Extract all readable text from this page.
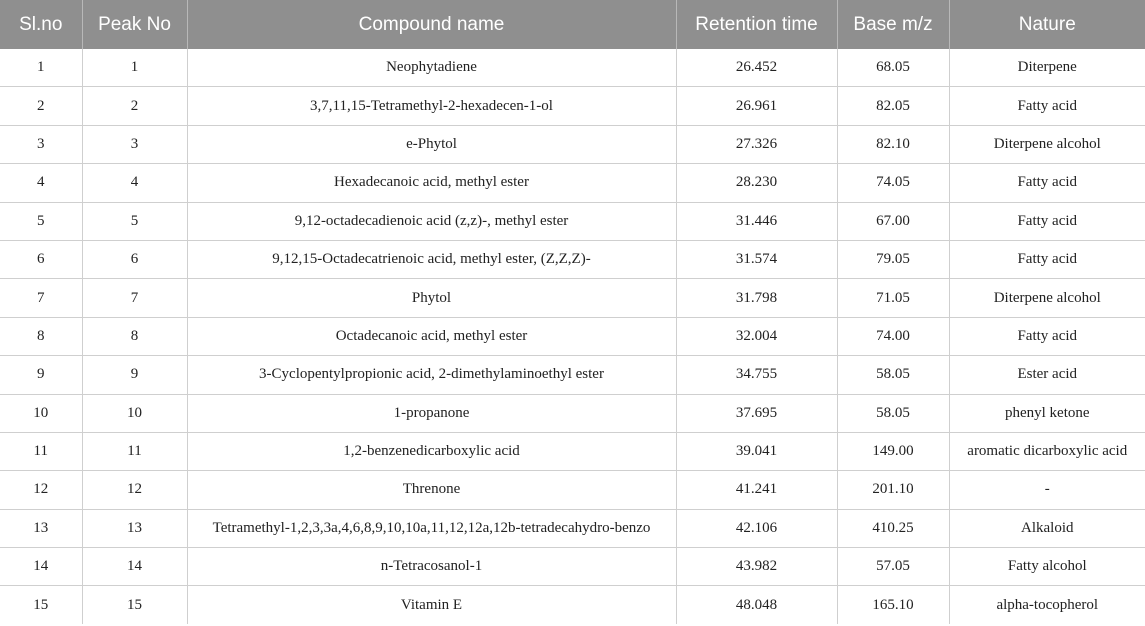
Sl.no	Peak No	Compound name	Retention time	Base m/z	Nature
1	1	Neophytadiene	26.452	68.05	Diterpene
2	2	3,7,11,15-Tetramethyl-2-hexadecen-1-ol	26.961	82.05	Fatty acid
3	3	e-Phytol	27.326	82.10	Diterpene alcohol
4	4	Hexadecanoic acid, methyl ester	28.230	74.05	Fatty acid
5	5	9,12-octadecadienoic acid (z,z)-, methyl ester	31.446	67.00	Fatty acid
6	6	9,12,15-Octadecatrienoic acid, methyl ester, (Z,Z,Z)-	31.574	79.05	Fatty acid
7	7	Phytol	31.798	71.05	Diterpene alcohol
8	8	Octadecanoic acid, methyl ester	32.004	74.00	Fatty acid
9	9	3-Cyclopentylpropionic acid, 2-dimethylaminoethyl ester	34.755	58.05	Ester acid
10	10	1-propanone	37.695	58.05	phenyl ketone
11	11	1,2-benzenedicarboxylic acid	39.041	149.00	aromatic dicarboxylic acid
12	12	Threnone	41.241	201.10	-
13	13	Tetramethyl-1,2,3,3a,4,6,8,9,10,10a,11,12,12a,12b-tetradecahydro-benzo	42.106	410.25	Alkaloid
14	14	n-Tetracosanol-1	43.982	57.05	Fatty alcohol
15	15	Vitamin E	48.048	165.10	alpha-tocopherol
